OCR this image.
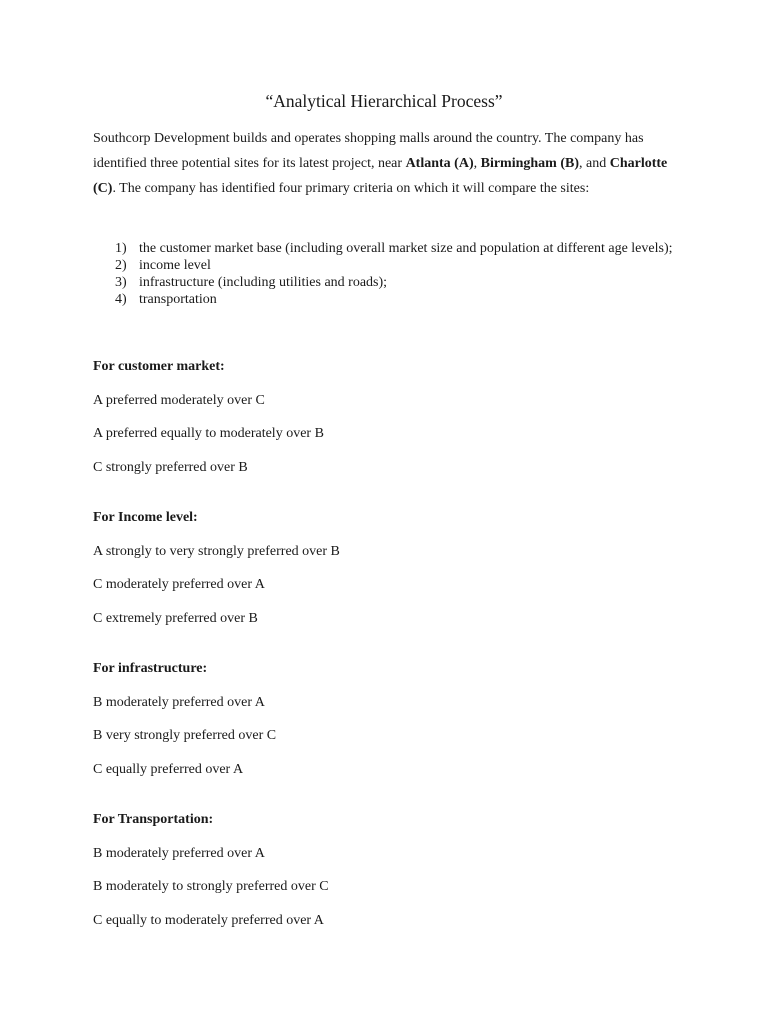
“Analytical Hierarchical Process”
Southcorp Development builds and operates shopping malls around the country. The company has identified three potential sites for its latest project, near Atlanta (A), Birmingham (B), and Charlotte (C). The company has identified four primary criteria on which it will compare the sites:
1) the customer market base (including overall market size and population at different age levels);
2) income level
3) infrastructure (including utilities and roads);
4) transportation

For customer market:

A preferred moderately over C

A preferred equally to moderately over B

C strongly preferred over B

For Income level:

A strongly to very strongly preferred over B

C moderately preferred over A

C extremely preferred over B

For infrastructure:

B moderately preferred over A

B very strongly preferred over C

C equally preferred over A

For Transportation:

B moderately preferred over A

B moderately to strongly preferred over C

C equally to moderately preferred over A
